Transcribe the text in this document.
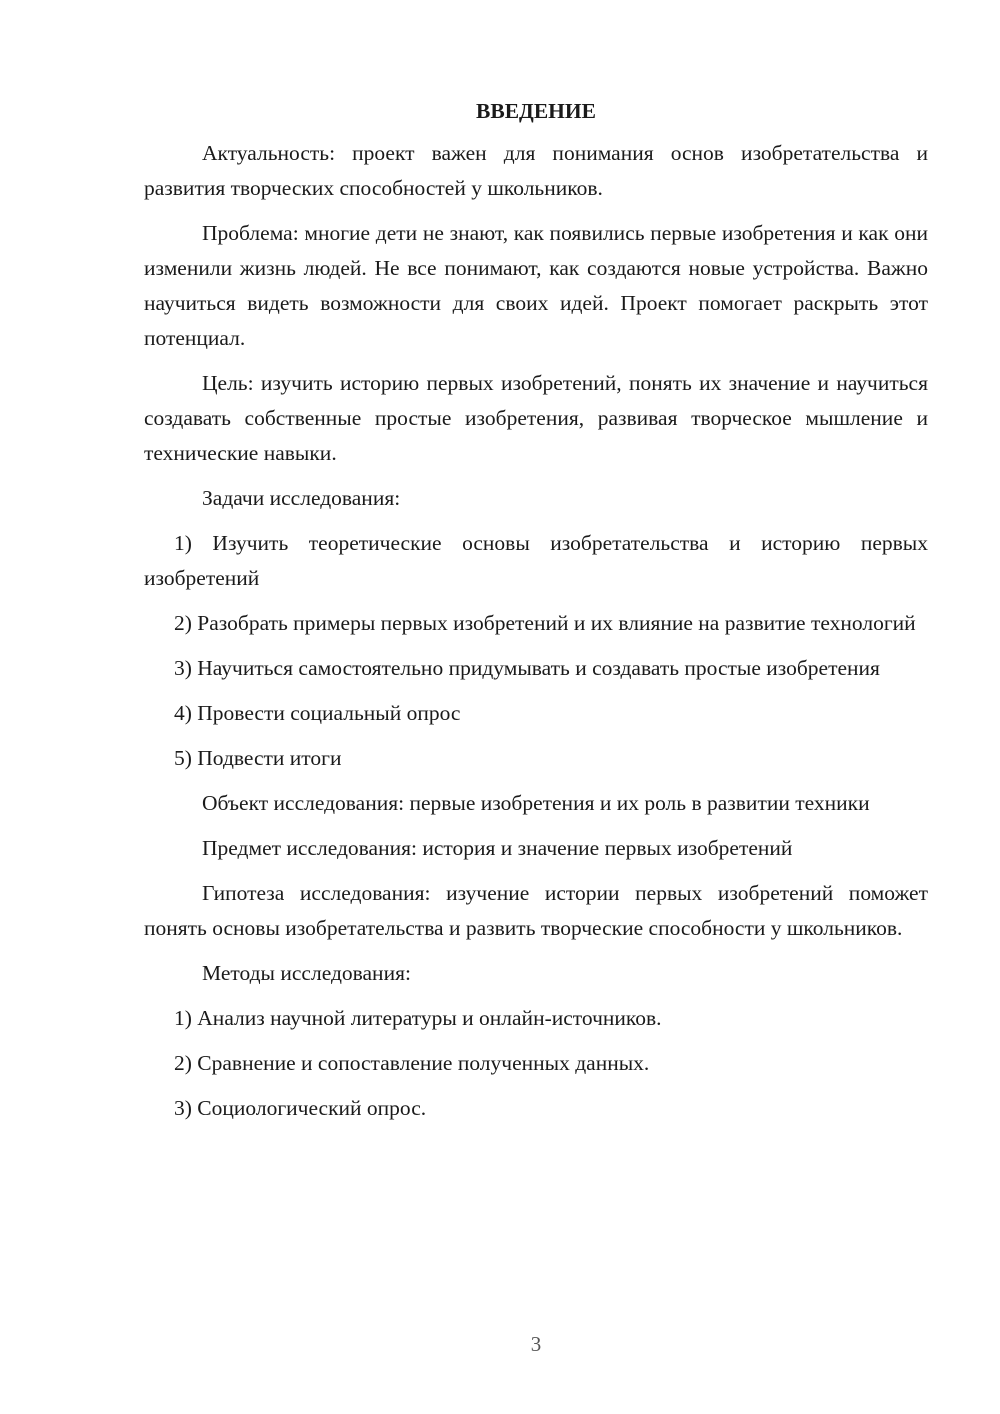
ВВЕДЕНИЕ
Актуальность: проект важен для понимания основ изобретательства и развития творческих способностей у школьников.
Проблема: многие дети не знают, как появились первые изобретения и как они изменили жизнь людей. Не все понимают, как создаются новые устройства. Важно научиться видеть возможности для своих идей. Проект помогает раскрыть этот потенциал.
Цель: изучить историю первых изобретений, понять их значение и научиться создавать собственные простые изобретения, развивая творческое мышление и технические навыки.
Задачи исследования:
1) Изучить теоретические основы изобретательства и историю первых изобретений
2) Разобрать примеры первых изобретений и их влияние на развитие технологий
3) Научиться самостоятельно придумывать и создавать простые изобретения
4) Провести социальный опрос
5) Подвести итоги
Объект исследования: первые изобретения и их роль в развитии техники
Предмет исследования: история и значение первых изобретений
Гипотеза исследования: изучение истории первых изобретений поможет понять основы изобретательства и развить творческие способности у школьников.
Методы исследования:
1) Анализ научной литературы и онлайн-источников.
2) Сравнение и сопоставление полученных данных.
3) Социологический опрос.
3
